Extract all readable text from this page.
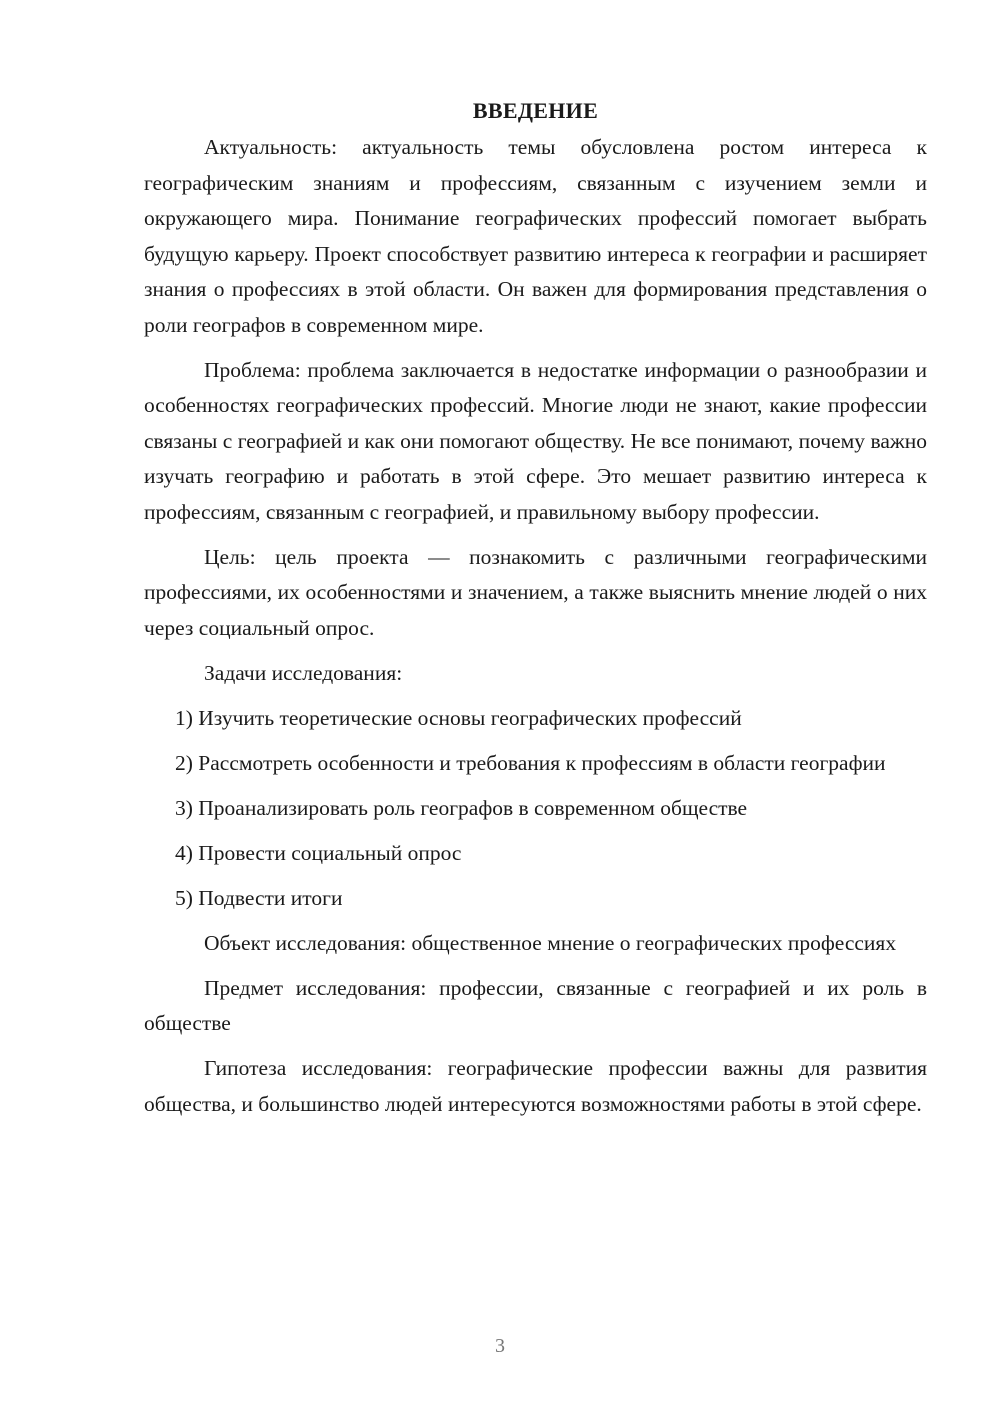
ВВЕДЕНИЕ

Актуальность: актуальность темы обусловлена ростом интереса к географическим знаниям и профессиям, связанным с изучением земли и окружающего мира. Понимание географических профессий помогает выбрать будущую карьеру. Проект способствует развитию интереса к географии и расширяет знания о профессиях в этой области. Он важен для формирования представления о роли географов в современном мире.

Проблема: проблема заключается в недостатке информации о разнообразии и особенностях географических профессий. Многие люди не знают, какие профессии связаны с географией и как они помогают обществу. Не все понимают, почему важно изучать географию и работать в этой сфере. Это мешает развитию интереса к профессиям, связанным с географией, и правильному выбору профессии.

Цель: цель проекта — познакомить с различными географическими профессиями, их особенностями и значением, а также выяснить мнение людей о них через социальный опрос.

Задачи исследования:

1) Изучить теоретические основы географических профессий

2) Рассмотреть особенности и требования к профессиям в области географии

3) Проанализировать роль географов в современном обществе

4) Провести социальный опрос

5) Подвести итоги

Объект исследования: общественное мнение о географических профессиях

Предмет исследования: профессии, связанные с географией и их роль в обществе

Гипотеза исследования: географические профессии важны для развития общества, и большинство людей интересуются возможностями работы в этой сфере.

3
